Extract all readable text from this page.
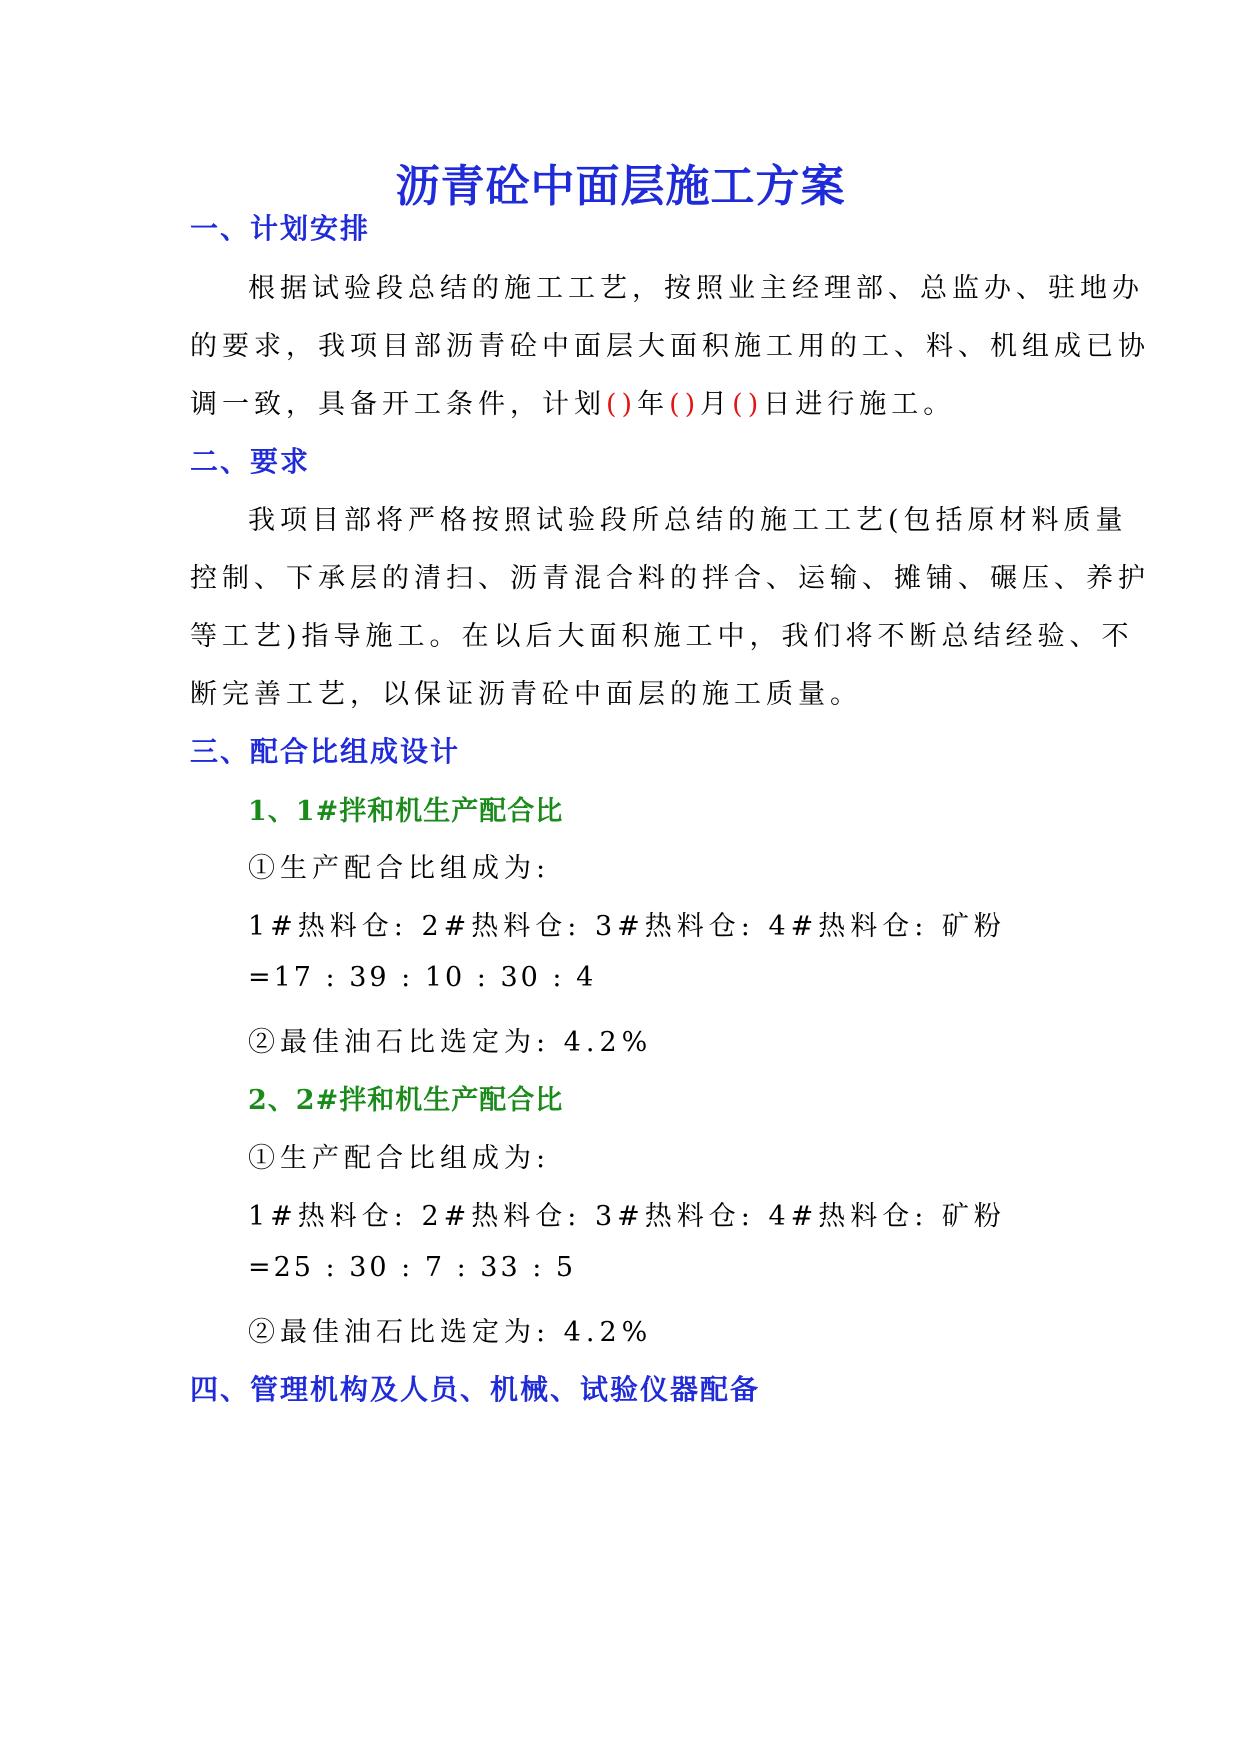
沥青砼中面层施工方案
一、计划安排
根据试验段总结的施工工艺，按照业主经理部、总监办、驻地办
的要求，我项目部沥青砼中面层大面积施工用的工、料、机组成已协
调一致，具备开工条件，计划()年()月()日进行施工。
二、要求
我项目部将严格按照试验段所总结的施工工艺(包括原材料质量
控制、下承层的清扫、沥青混合料的拌合、运输、摊铺、碾压、养护
等工艺)指导施工。在以后大面积施工中，我们将不断总结经验、不
断完善工艺，以保证沥青砼中面层的施工质量。
三、配合比组成设计
1、1#拌和机生产配合比
①生产配合比组成为:
1#热料仓: 2#热料仓: 3#热料仓: 4#热料仓: 矿粉
=17 : 39 : 10 : 30 : 4
②最佳油石比选定为: 4.2%
2、2#拌和机生产配合比
①生产配合比组成为:
1#热料仓: 2#热料仓: 3#热料仓: 4#热料仓: 矿粉
=25 : 30 : 7 : 33 : 5
②最佳油石比选定为: 4.2%
四、管理机构及人员、机械、试验仪器配备
